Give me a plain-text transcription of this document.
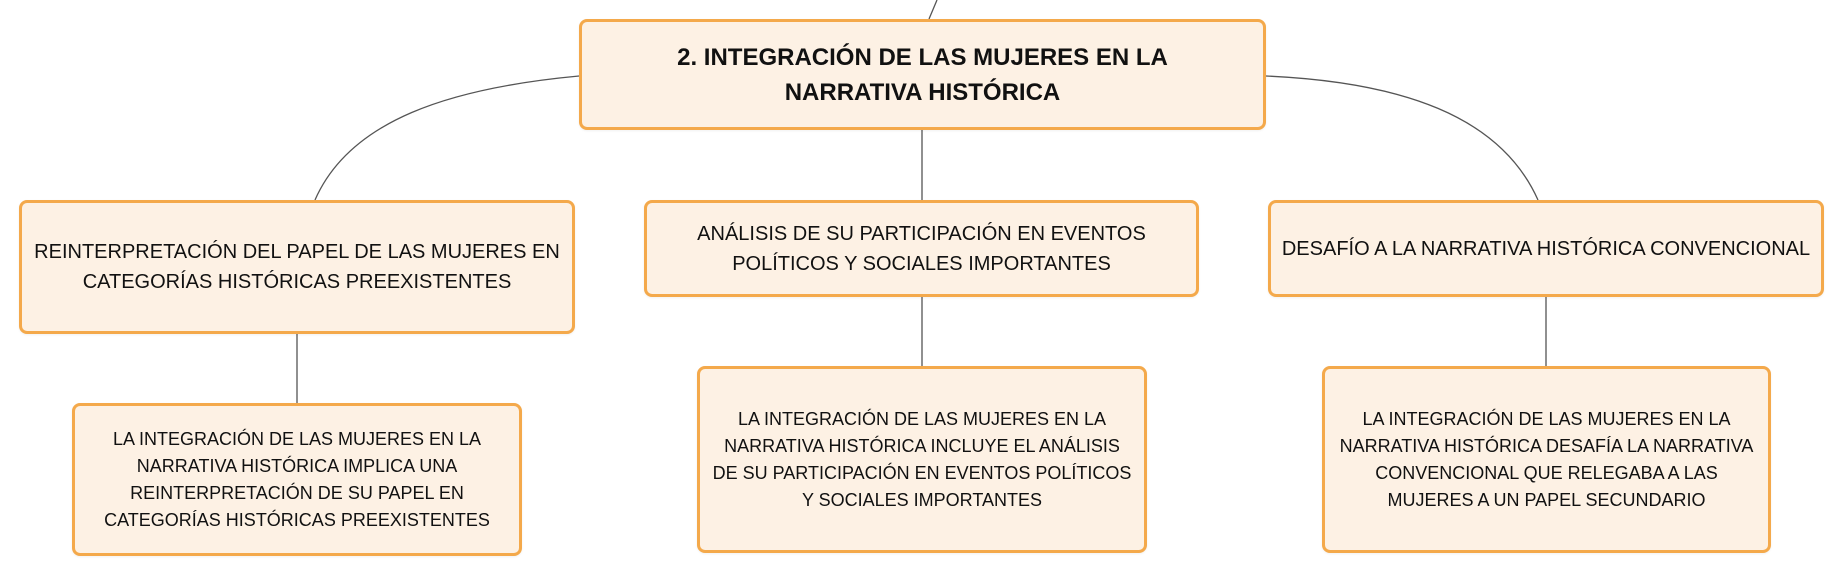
2. INTEGRACIÓN DE LAS MUJERES EN LA NARRATIVA HISTÓRICA
REINTERPRETACIÓN DEL PAPEL DE LAS MUJERES EN CATEGORÍAS HISTÓRICAS PREEXISTENTES
ANÁLISIS DE SU PARTICIPACIÓN EN EVENTOS POLÍTICOS Y SOCIALES IMPORTANTES
DESAFÍO A LA NARRATIVA HISTÓRICA CONVENCIONAL
LA INTEGRACIÓN DE LAS MUJERES EN LA NARRATIVA HISTÓRICA IMPLICA UNA REINTERPRETACIÓN DE SU PAPEL EN CATEGORÍAS HISTÓRICAS PREEXISTENTES
LA INTEGRACIÓN DE LAS MUJERES EN LA NARRATIVA HISTÓRICA INCLUYE EL ANÁLISIS DE SU PARTICIPACIÓN EN EVENTOS POLÍTICOS Y SOCIALES IMPORTANTES
LA INTEGRACIÓN DE LAS MUJERES EN LA NARRATIVA HISTÓRICA DESAFÍA LA NARRATIVA CONVENCIONAL QUE RELEGABA A LAS MUJERES A UN PAPEL SECUNDARIO
